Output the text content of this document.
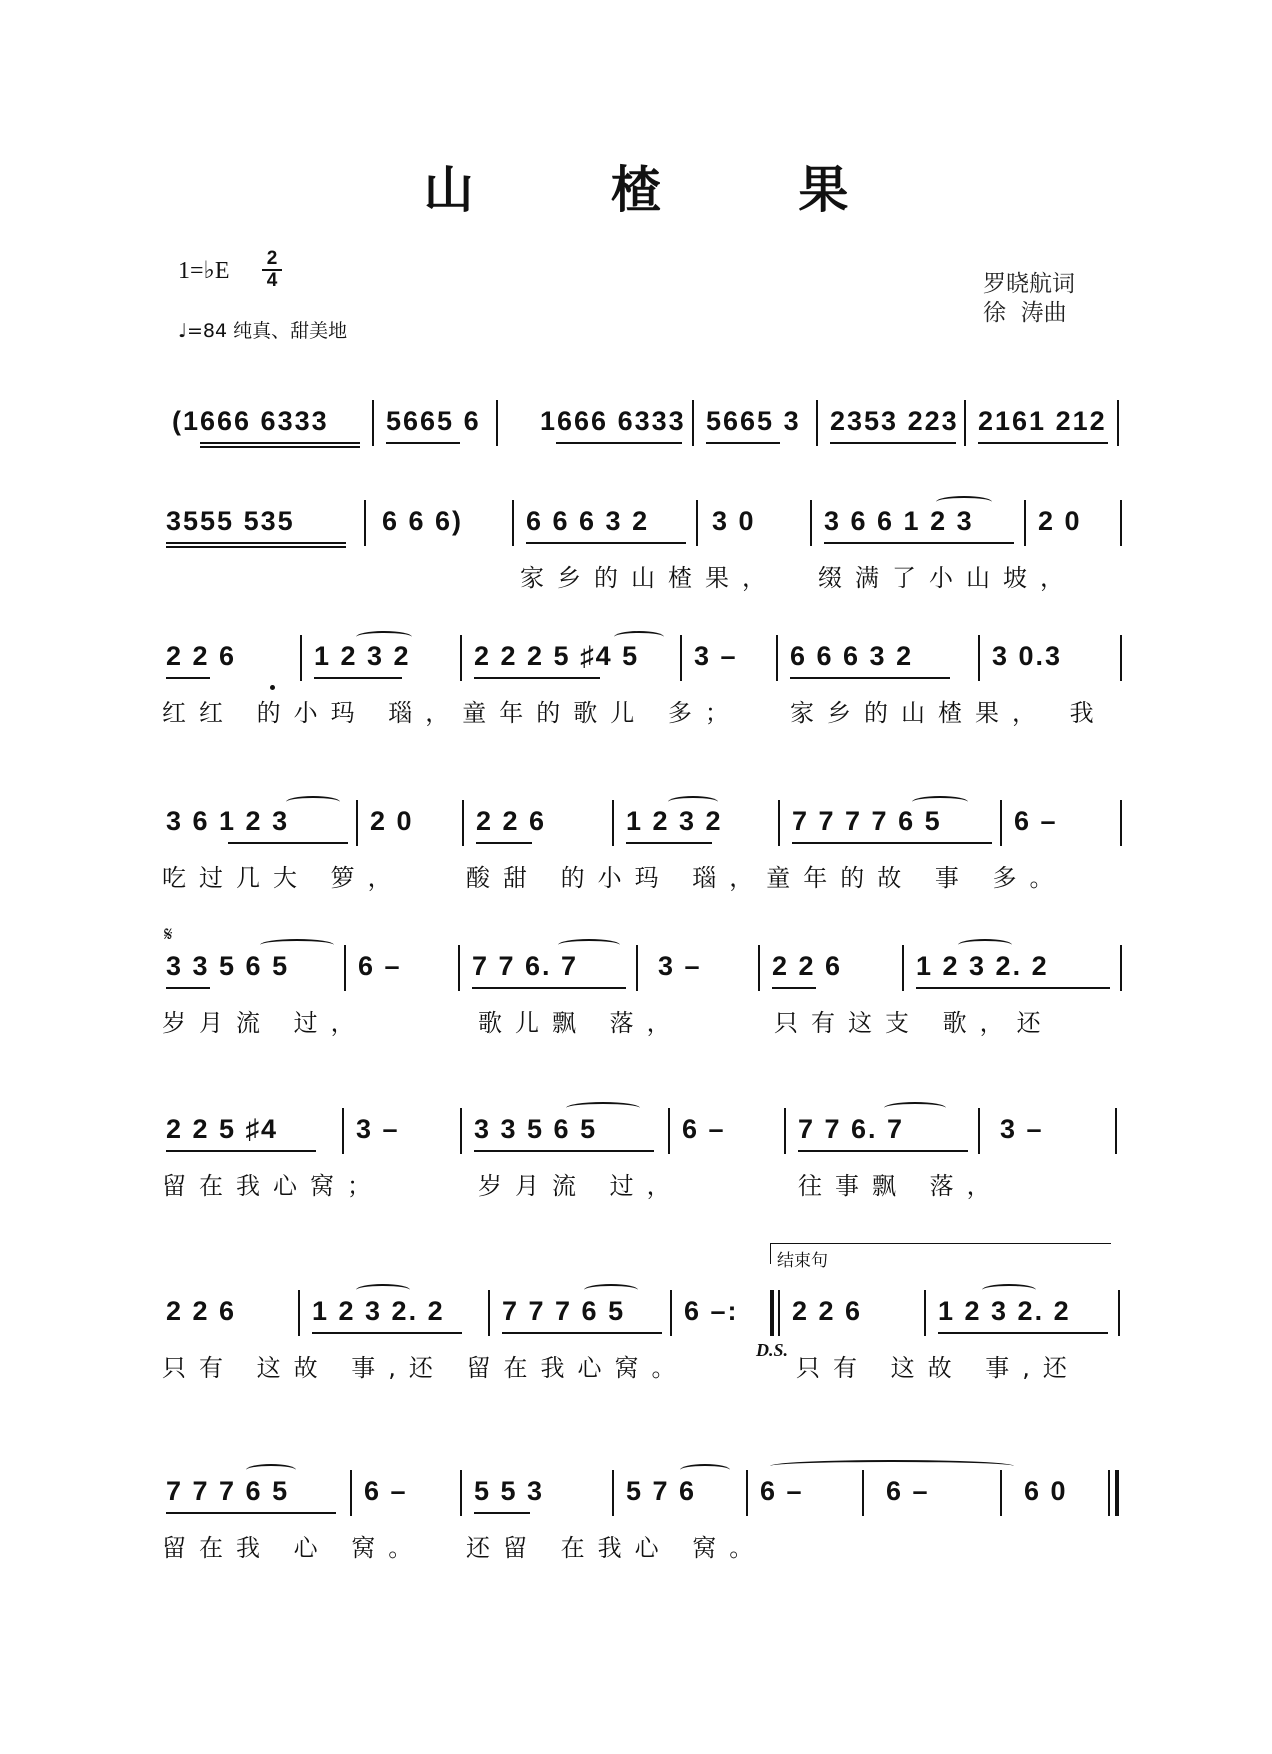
山 楂 果
1=♭E 2
4
♩=84 纯真、甜美地
罗晓航词
徐  涛曲
(1666 6333 5665 6 1666 6333 5665 3 2353 223 2161 212
3555 535	6 6 6) 6 6 6 3 2 3 0	3 6 6 1 2 3 2 0
家乡的山楂果， 缀满了小山坡，
2 2 6	1 2 3 2 2 2 2 5 ♯4 5 3 – 6 6 6 3 2	3 0.3
红红 的小玛 瑙，童年的歌儿 多； 家乡的山楂果， 我
3 6 1 2 3	2 0 2 2 6	1 2 3 2	7 7 7 7 6 5	6 –
吃过几大 箩，	酸甜 的小玛 瑙，童年的故 事 多。
𝄋
3 3 5 6 5	6 –	7 7 6. 7	3 –	2 2 6	1 2 3 2. 2
岁月流 过，	歌儿飘 落，	只有这支 歌，还
2 2 5 ♯4	3 –	3 3 5 6 5	6 –	7 7 6. 7	3 –
留在我心窝；	岁月流 过，	往事飘 落，
结束句
2 2 6	1 2 3 2. 2 7 7 7 6 5 6 –: 2 2 6	1 2 3 2. 2
D.S.
只有 这故 事,还 留在我心窝。	只有 这故 事,还
7 7 7 6 5	6 – 5 5 3	5 7 6 6 –	6 –	6 0
留在我 心 窝。 还留 在我心 窝。
